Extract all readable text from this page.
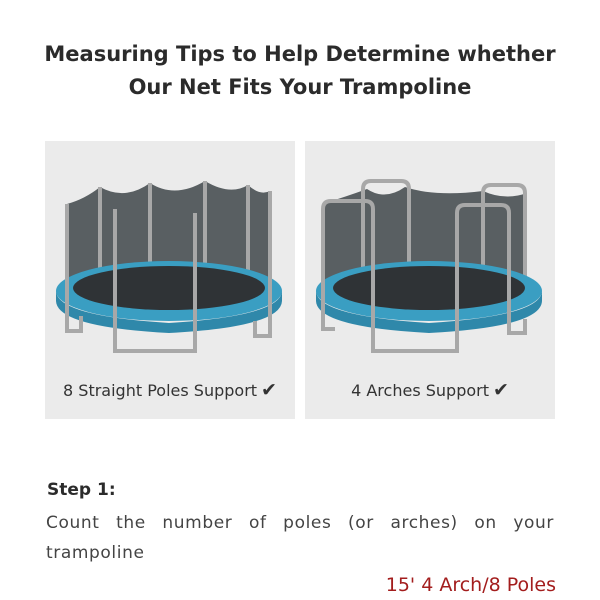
Measuring Tips to Help Determine whether
Our Net Fits Your Trampoline
8 Straight Poles Support ✔	4 Arches Support ✔
Step 1:
Count the number of poles (or arches) on your trampoline
15' 4 Arch/8 Poles
